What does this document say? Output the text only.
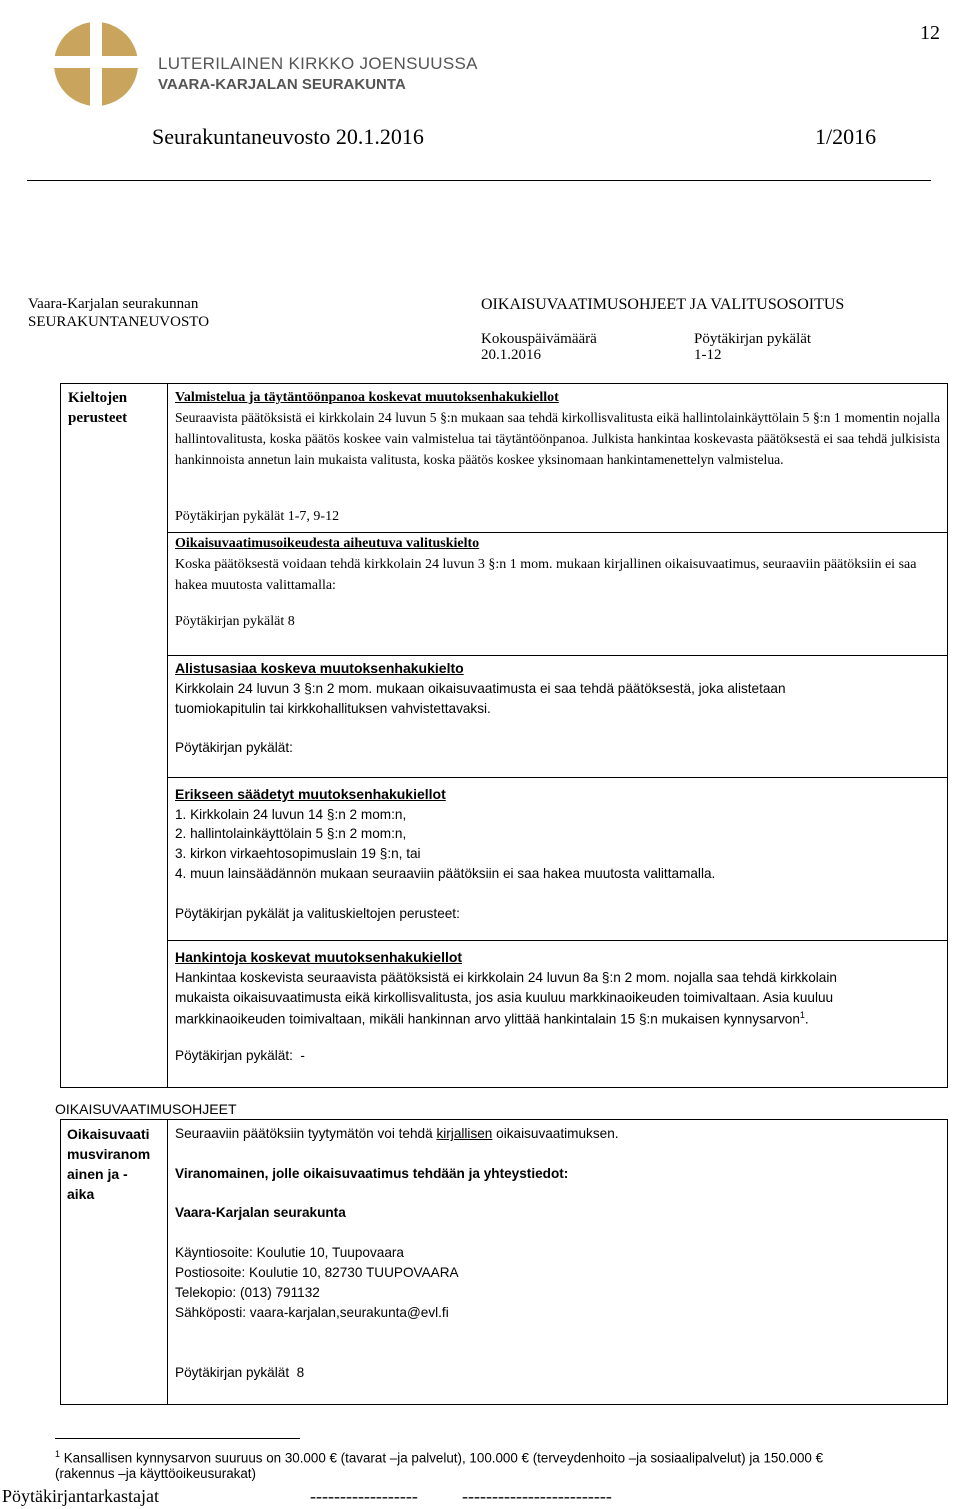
12
LUTERILAINEN KIRKKO JOENSUUSSA
VAARA-KARJALAN SEURAKUNTA
Seurakuntaneuvosto 20.1.2016	1/2016
Vaara-Karjalan seurakunnan
SEURAKUNTANEUVOSTO
OIKAISUVAATIMUSOHJEET JA VALITUSOSOITUS
Kokouspäivämäärä
20.1.2016
Pöytäkirjan pykälät
1-12
Kieltojen
perusteet
Valmistelua ja täytäntöönpanoa koskevat muutoksenhakukiellot
Seuraavista päätöksistä ei kirkkolain 24 luvun 5 §:n mukaan saa tehdä kirkollisvalitusta eikä hallintolainkäyttölain 5 §:n 1 momentin nojalla hallintovalitusta, koska päätös koskee vain valmistelua tai täytäntöönpanoa. Julkista hankintaa koskevasta päätöksestä ei saa tehdä julkisista hankinnoista annetun lain mukaista valitusta, koska päätös koskee yksinomaan hankintamenettelyn valmistelua.
Pöytäkirjan pykälät 1-7, 9-12
Oikaisuvaatimusoikeudesta aiheutuva valituskielto
Koska päätöksestä voidaan tehdä kirkkolain 24 luvun 3 §:n 1 mom. mukaan kirjallinen oikaisuvaatimus, seuraaviin päätöksiin ei saa hakea muutosta valittamalla:
Pöytäkirjan pykälät 8
Alistusasiaa koskeva muutoksenhakukielto
Kirkkolain 24 luvun 3 §:n 2 mom. mukaan oikaisuvaatimusta ei saa tehdä päätöksestä, joka alistetaan
tuomiokapitulin tai kirkkohallituksen vahvistettavaksi.
Pöytäkirjan pykälät:
Erikseen säädetyt muutoksenhakukiellot
1. Kirkkolain 24 luvun 14 §:n 2 mom:n,
2. hallintolainkäyttölain 5 §:n 2 mom:n,
3. kirkon virkaehtosopimuslain 19 §:n, tai
4. muun lainsäädännön mukaan seuraaviin päätöksiin ei saa hakea muutosta valittamalla.
Pöytäkirjan pykälät ja valituskieltojen perusteet:
Hankintoja koskevat muutoksenhakukiellot
Hankintaa koskevista seuraavista päätöksistä ei kirkkolain 24 luvun 8a §:n 2 mom. nojalla saa tehdä kirkkolain
mukaista oikaisuvaatimusta eikä kirkollisvalitusta, jos asia kuuluu markkinaoikeuden toimivaltaan. Asia kuuluu
markkinaoikeuden toimivaltaan, mikäli hankinnan arvo ylittää hankintalain 15 §:n mukaisen kynnysarvon$^1$.
Pöytäkirjan pykälät:  -
OIKAISUVAATIMUSOHJEET
Oikaisuvaati
musviranom
ainen ja -
aika
Seuraaviin päätöksiin tyytymätön voi tehdä kirjallisen oikaisuvaatimuksen.
Viranomainen, jolle oikaisuvaatimus tehdään ja yhteystiedot:
Vaara-Karjalan seurakunta
Käyntiosoite: Koulutie 10, Tuupovaara
Postiosoite: Koulutie 10, 82730 TUUPOVAARA
Telekopio: (013) 791132
Sähköposti: vaara-karjalan,seurakunta@evl.fi
Pöytäkirjan pykälät  8
$^1$ Kansallisen kynnysarvon suuruus on 30.000 € (tavarat –ja palvelut), 100.000 € (terveydenhoito –ja sosiaalipalvelut) ja 150.000 €
(rakennus –ja käyttöoikeusurakat)
Pöytäkirjantarkastajat	------------------ -------------------------
